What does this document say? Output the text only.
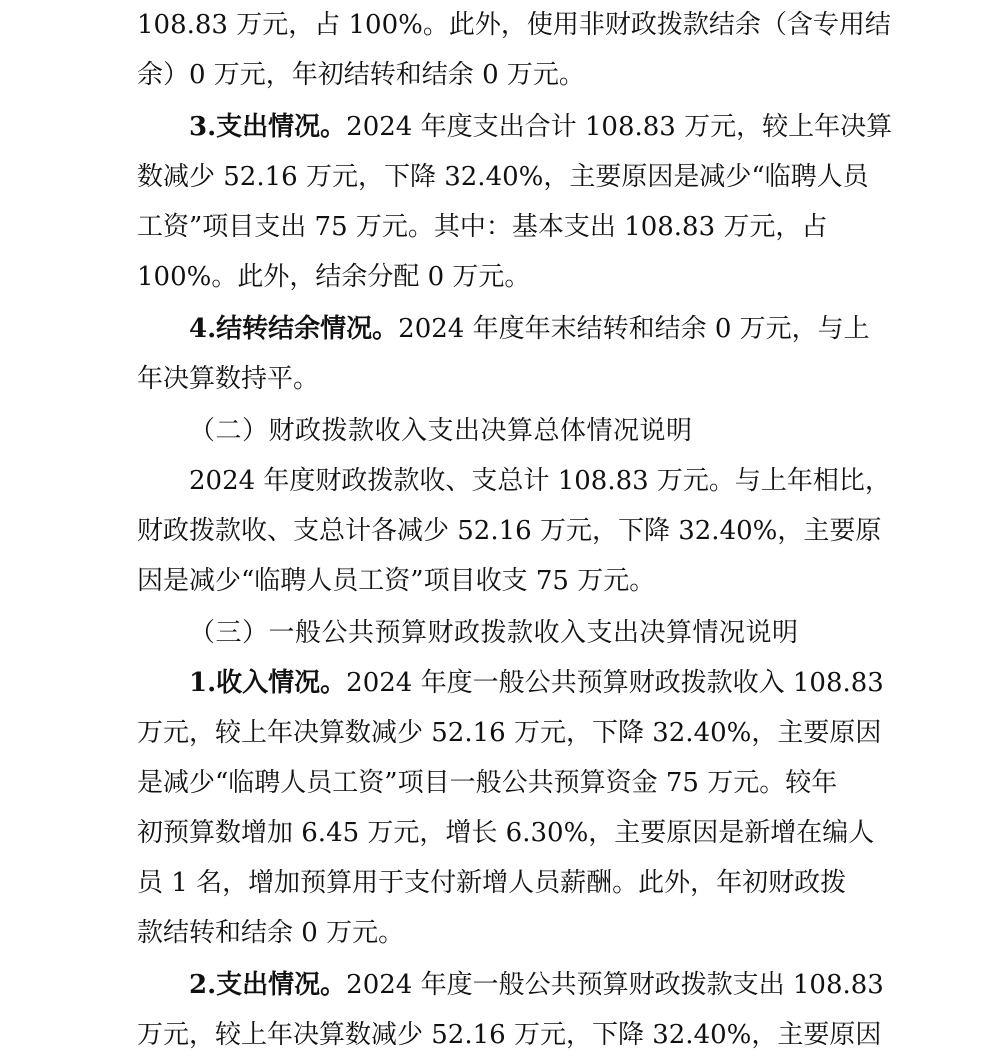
108.83 万元，占 100%。此外，使用非财政拨款结余（含专用结
余）0 万元，年初结转和结余 0 万元。
3.支出情况。2024 年度支出合计 108.83 万元，较上年决算
数减少 52.16 万元，下降 32.40%，主要原因是减少“临聘人员
工资”项目支出 75 万元。其中：基本支出 108.83 万元，占
100%。此外，结余分配 0 万元。
4.结转结余情况。2024 年度年末结转和结余 0 万元，与上
年决算数持平。
（二）财政拨款收入支出决算总体情况说明
2024 年度财政拨款收、支总计 108.83 万元。与上年相比，
财政拨款收、支总计各减少 52.16 万元，下降 32.40%，主要原
因是减少“临聘人员工资”项目收支 75 万元。
（三）一般公共预算财政拨款收入支出决算情况说明
1.收入情况。2024 年度一般公共预算财政拨款收入 108.83
万元，较上年决算数减少 52.16 万元，下降 32.40%，主要原因
是减少“临聘人员工资”项目一般公共预算资金 75 万元。较年
初预算数增加 6.45 万元，增长 6.30%，主要原因是新增在编人
员 1 名，增加预算用于支付新增人员薪酬。此外，年初财政拨
款结转和结余 0 万元。
2.支出情况。2024 年度一般公共预算财政拨款支出 108.83
万元，较上年决算数减少 52.16 万元，下降 32.40%，主要原因
